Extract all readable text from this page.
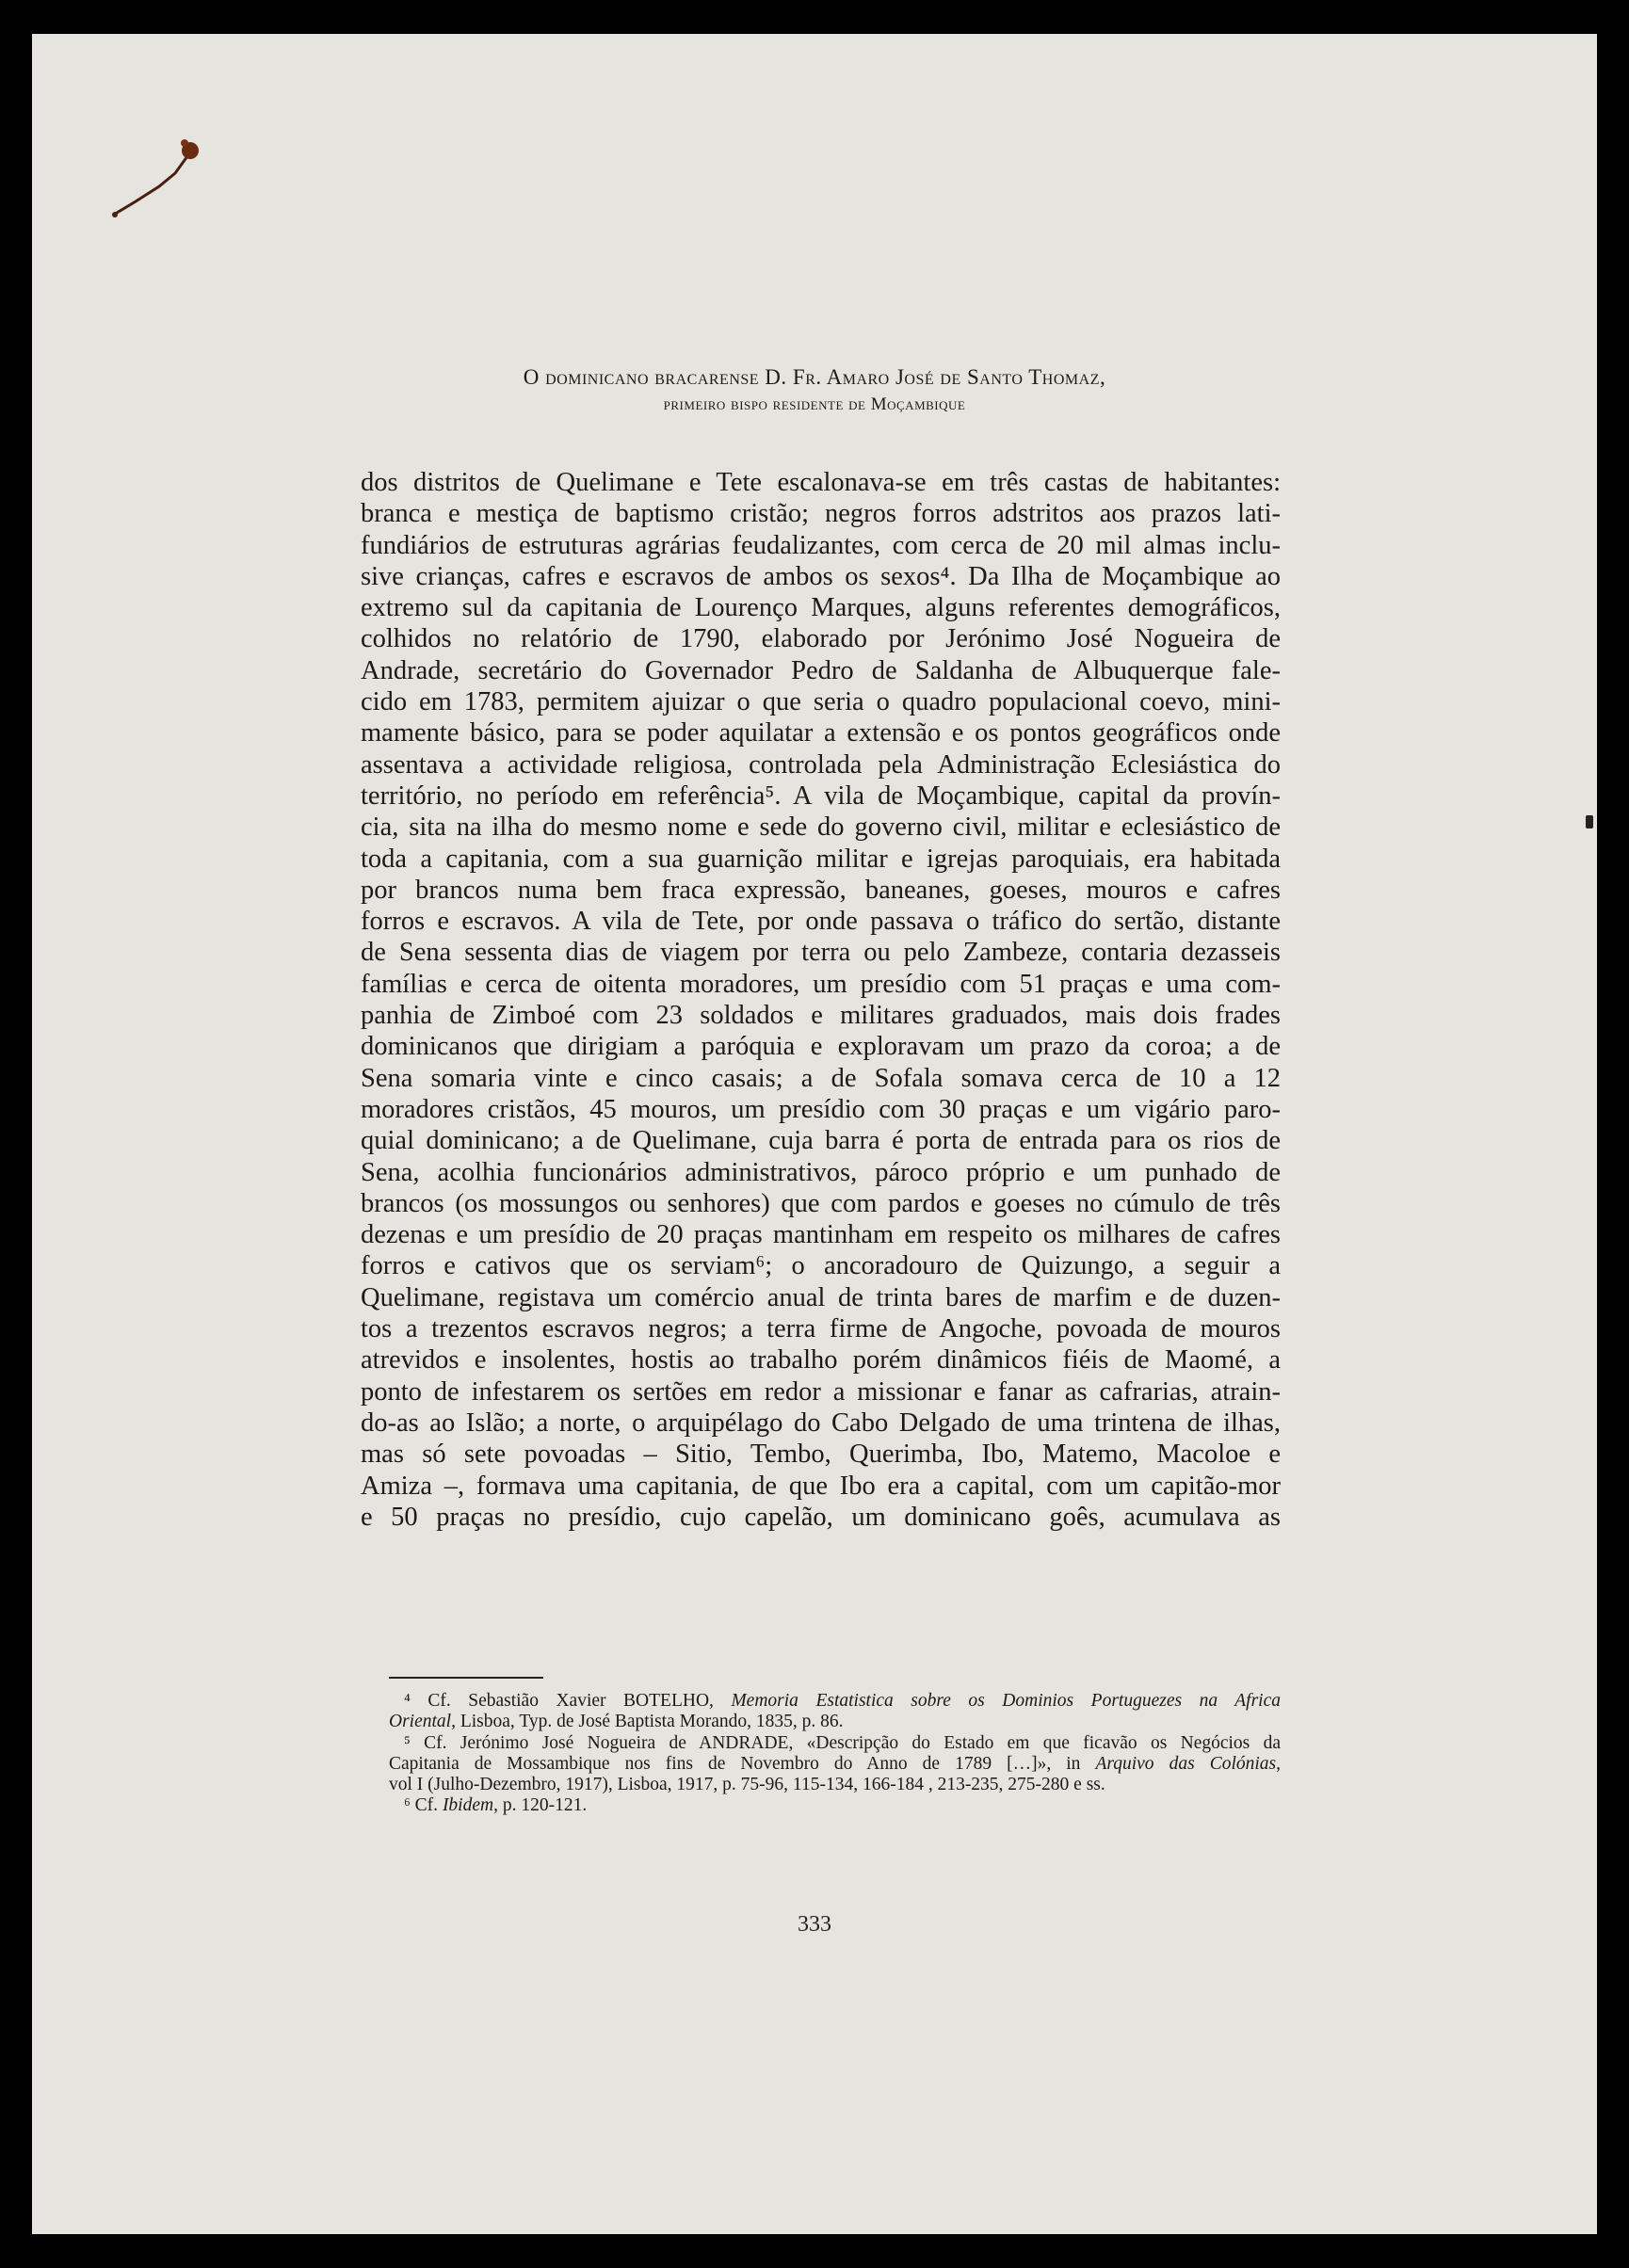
O dominicano bracarense D. Fr. Amaro José de Santo Thomaz,
primeiro bispo residente de Moçambique
dos distritos de Quelimane e Tete escalonava-se em três castas de habitantes:
branca e mestiça de baptismo cristão; negros forros adstritos aos prazos lati-
fundiários de estruturas agrárias feudalizantes, com cerca de 20 mil almas inclu-
sive crianças, cafres e escravos de ambos os sexos⁴. Da Ilha de Moçambique ao
extremo sul da capitania de Lourenço Marques, alguns referentes demográficos,
colhidos no relatório de 1790, elaborado por Jerónimo José Nogueira de
Andrade, secretário do Governador Pedro de Saldanha de Albuquerque fale-
cido em 1783, permitem ajuizar o que seria o quadro populacional coevo, mini-
mamente básico, para se poder aquilatar a extensão e os pontos geográficos onde
assentava a actividade religiosa, controlada pela Administração Eclesiástica do
território, no período em referência⁵. A vila de Moçambique, capital da provín-
cia, sita na ilha do mesmo nome e sede do governo civil, militar e eclesiástico de
toda a capitania, com a sua guarnição militar e igrejas paroquiais, era habitada
por brancos numa bem fraca expressão, baneanes, goeses, mouros e cafres
forros e escravos. A vila de Tete, por onde passava o tráfico do sertão, distante
de Sena sessenta dias de viagem por terra ou pelo Zambeze, contaria dezasseis
famílias e cerca de oitenta moradores, um presídio com 51 praças e uma com-
panhia de Zimboé com 23 soldados e militares graduados, mais dois frades
dominicanos que dirigiam a paróquia e exploravam um prazo da coroa; a de
Sena somaria vinte e cinco casais; a de Sofala somava cerca de 10 a 12
moradores cristãos, 45 mouros, um presídio com 30 praças e um vigário paro-
quial dominicano; a de Quelimane, cuja barra é porta de entrada para os rios de
Sena, acolhia funcionários administrativos, pároco próprio e um punhado de
brancos (os mossungos ou senhores) que com pardos e goeses no cúmulo de três
dezenas e um presídio de 20 praças mantinham em respeito os milhares de cafres
forros e cativos que os serviam⁶; o ancoradouro de Quizungo, a seguir a
Quelimane, registava um comércio anual de trinta bares de marfim e de duzen-
tos a trezentos escravos negros; a terra firme de Angoche, povoada de mouros
atrevidos e insolentes, hostis ao trabalho porém dinâmicos fiéis de Maomé, a
ponto de infestarem os sertões em redor a missionar e fanar as cafrarias, atrain-
do-as ao Islão; a norte, o arquipélago do Cabo Delgado de uma trintena de ilhas,
mas só sete povoadas – Sitio, Tembo, Querimba, Ibo, Matemo, Macoloe e
Amiza –, formava uma capitania, de que Ibo era a capital, com um capitão-mor
e 50 praças no presídio, cujo capelão, um dominicano goês, acumulava as
⁴ Cf. Sebastião Xavier BOTELHO, Memoria Estatistica sobre os Dominios Portuguezes na Africa
Oriental, Lisboa, Typ. de José Baptista Morando, 1835, p. 86.
⁵ Cf. Jerónimo José Nogueira de ANDRADE, «Descripção do Estado em que ficavão os Negócios da
Capitania de Mossambique nos fins de Novembro do Anno de 1789 […]», in Arquivo das Colónias,
vol I (Julho-Dezembro, 1917), Lisboa, 1917, p. 75-96, 115-134, 166-184 , 213-235, 275-280 e ss.
⁶ Cf. Ibidem, p. 120-121.
333
